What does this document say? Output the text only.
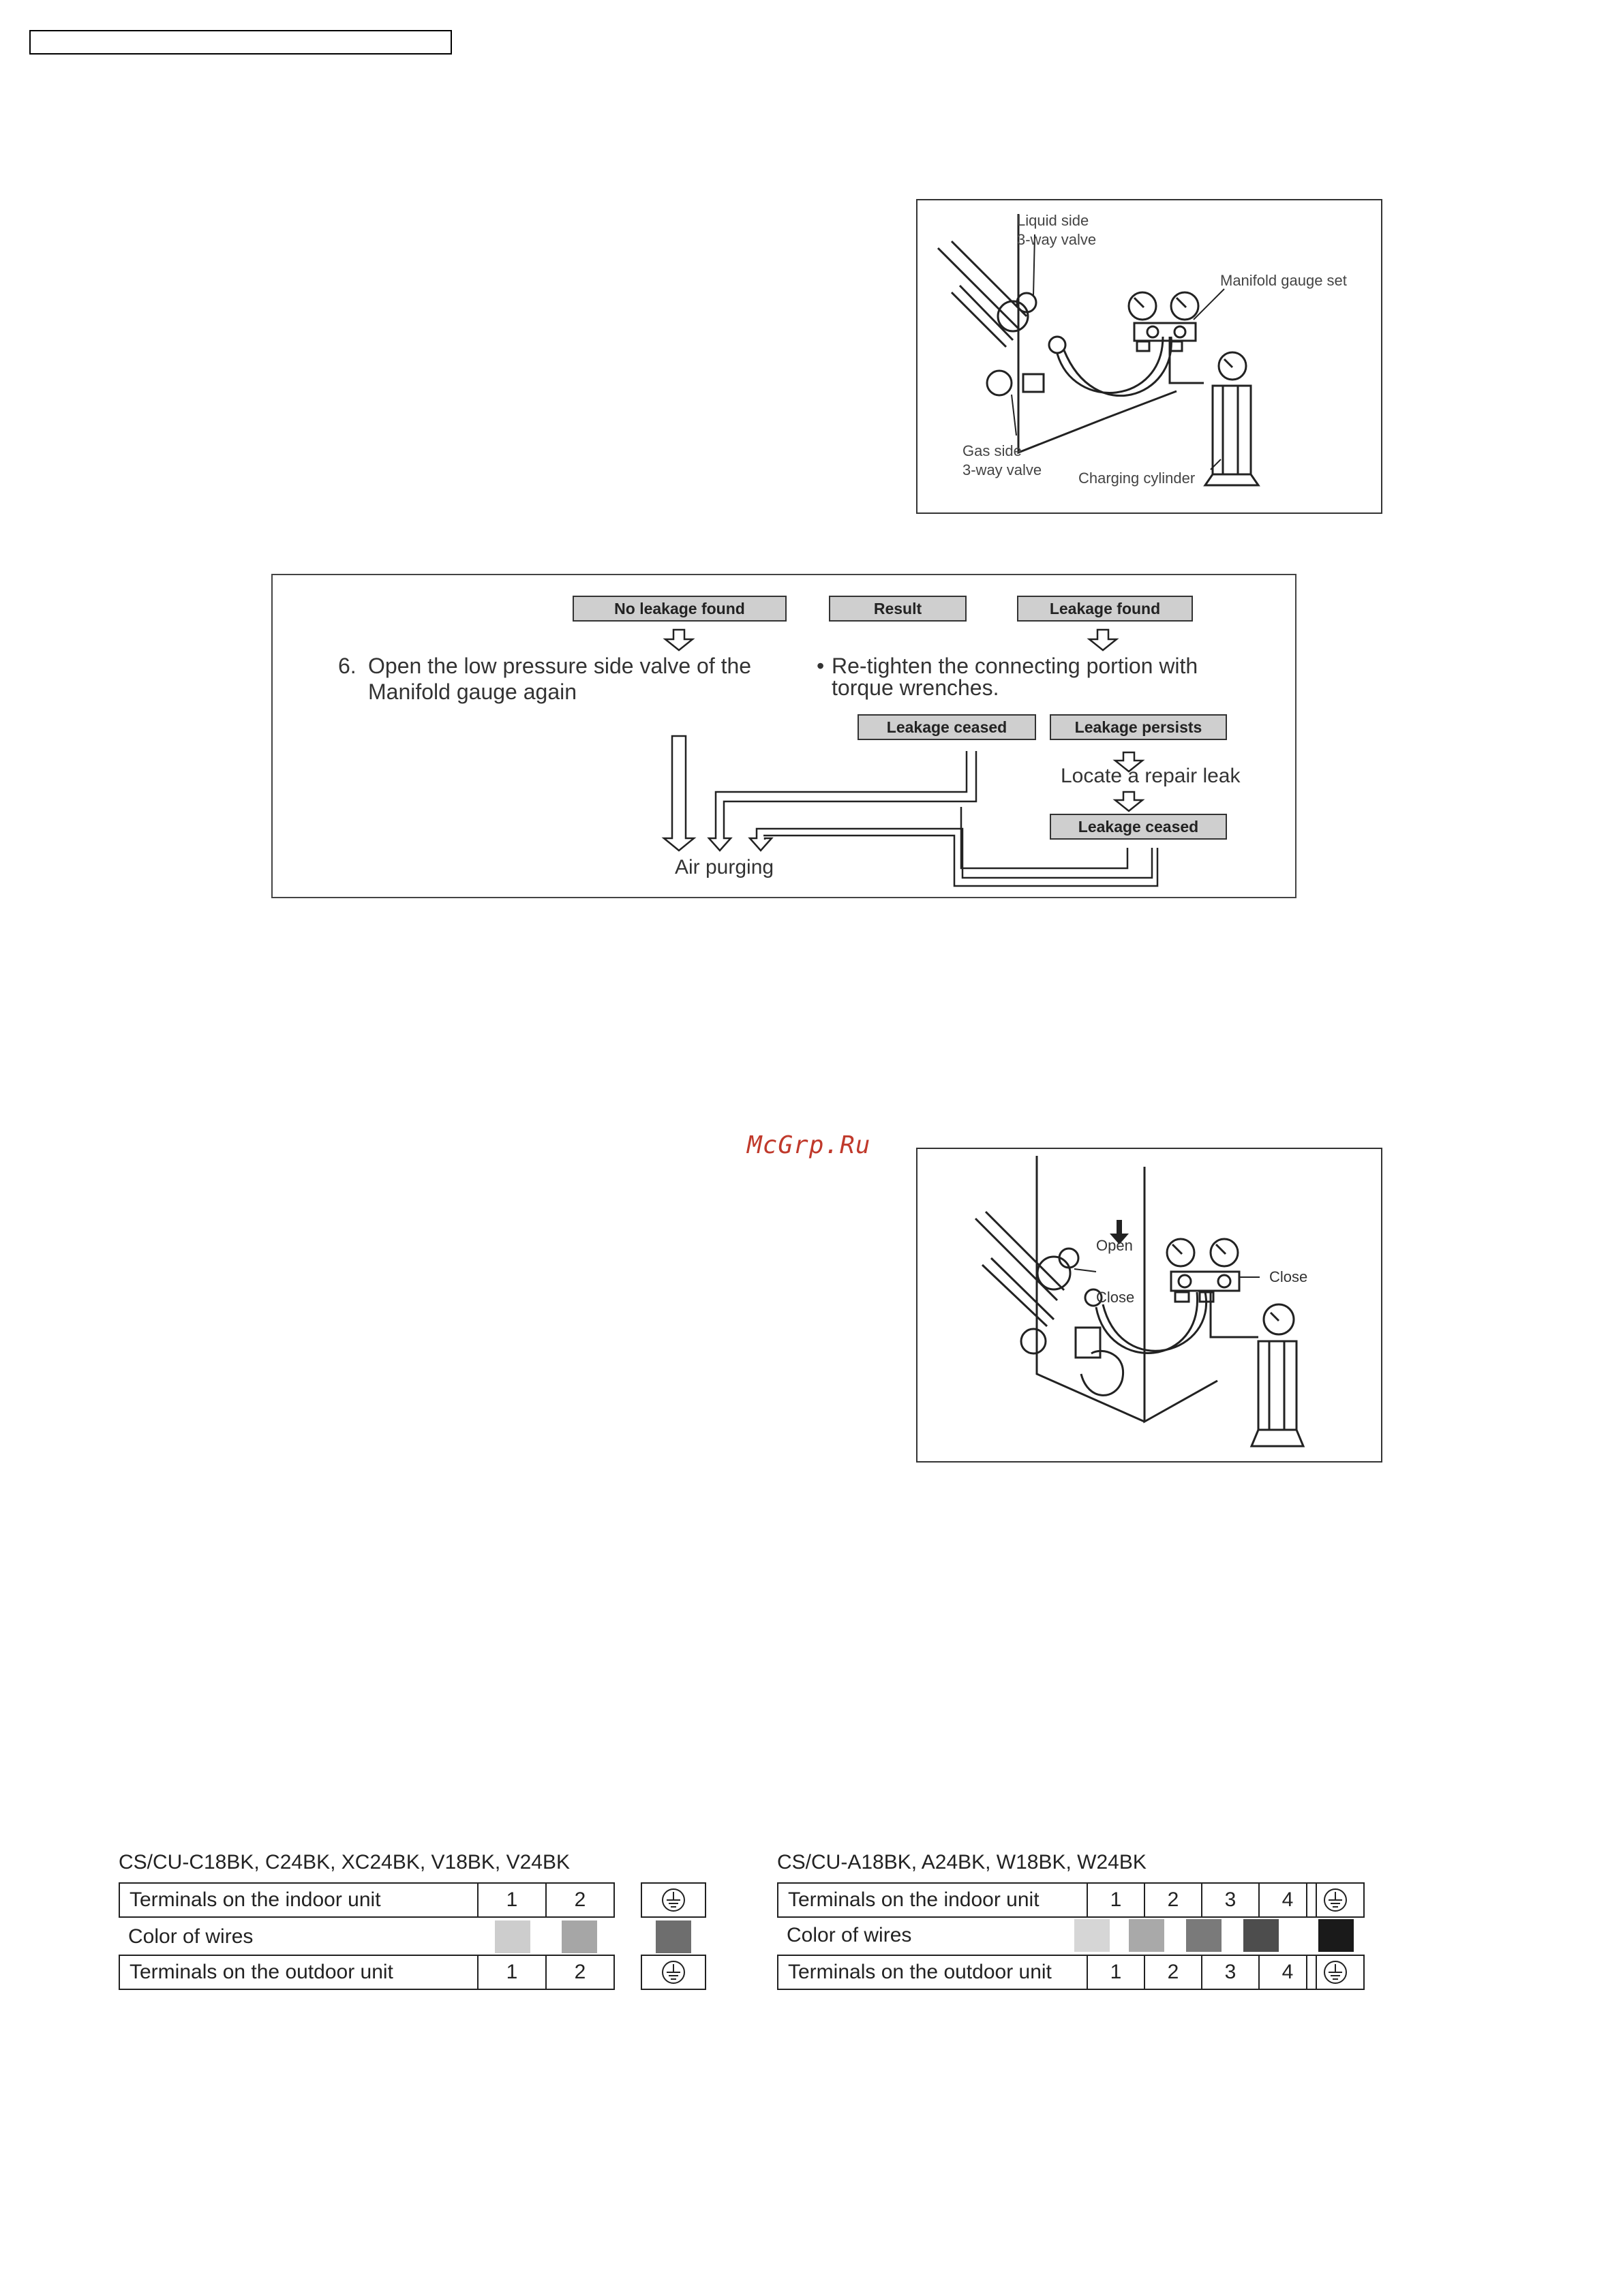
Liquid side
3-way valve
Manifold gauge set
Gas side
3-way valve Charging cylinder
No leakage found	Result	Leakage found
6. Open the low pressure side valve of the
Manifold gauge again
• Re-tighten the connecting portion with
torque wrenches.
Leakage ceased	Leakage persists
Locate a repair leak
Leakage ceased
Air purging
McGrp.Ru
Open
Close
Close
CS/CU-C18BK, C24BK, XC24BK, V18BK, V24BK
Terminals on the indoor unit	1	2
Color of wires
Terminals on the outdoor unit	1	2
CS/CU-A18BK, A24BK, W18BK, W24BK
Terminals on the indoor unit	1	2	3	4
Color of wires
Terminals on the outdoor unit	1	2	3	4
